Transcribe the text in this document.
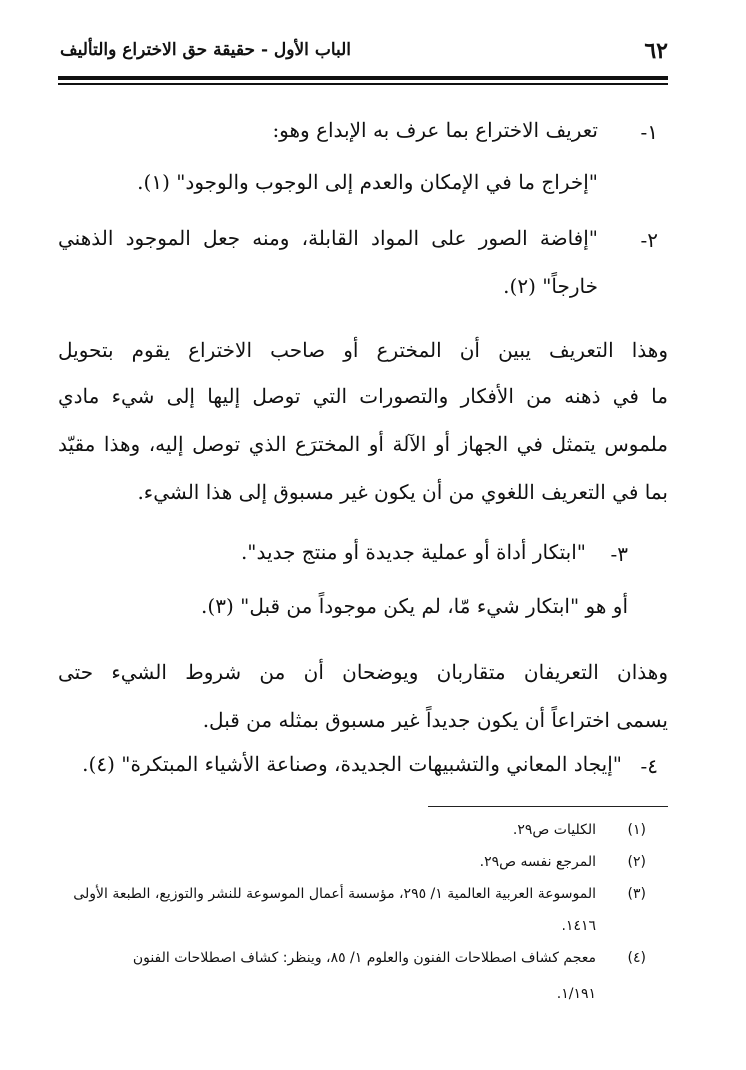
٦٢
الباب الأول - حقيقة حق الاختراع والتأليف
١-
تعريف الاختراع بما عرف به الإبداع وهو:
"إخراج ما في الإمكان والعدم إلى الوجوب والوجود" (١).
٢-
"إفاضة الصور على المواد القابلة، ومنه جعل الموجود الذهني
خارجاً" (٢).
وهذا التعريف يبين أن المخترع أو صاحب الاختراع يقوم بتحويل
ما في ذهنه من الأفكار والتصورات التي توصل إليها إلى شيء مادي
ملموس يتمثل في الجهاز أو الآلة أو المخترَع الذي توصل إليه، وهذا مقيّد
بما في التعريف اللغوي من أن يكون غير مسبوق إلى هذا الشيء.
٣-
"ابتكار أداة أو عملية جديدة أو منتج جديد".
أو هو "ابتكار شيء مّا، لم يكن موجوداً من قبل" (٣).
وهذان التعريفان متقاربان ويوضحان أن من شروط الشيء حتى
يسمى اختراعاً أن يكون جديداً غير مسبوق بمثله من قبل.
٤-
"إيجاد المعاني والتشبيهات الجديدة، وصناعة الأشياء المبتكرة" (٤).
(١)
الكليات ص٢٩.
(٢)
المرجع نفسه ص٢٩.
(٣)
الموسوعة العربية العالمية ١/ ٢٩٥، مؤسسة أعمال الموسوعة للنشر والتوزيع، الطبعة الأولى
١٤١٦.
(٤)
معجم كشاف اصطلاحات الفنون والعلوم ١/ ٨٥، وينظر: كشاف اصطلاحات الفنون
١/١٩١.
